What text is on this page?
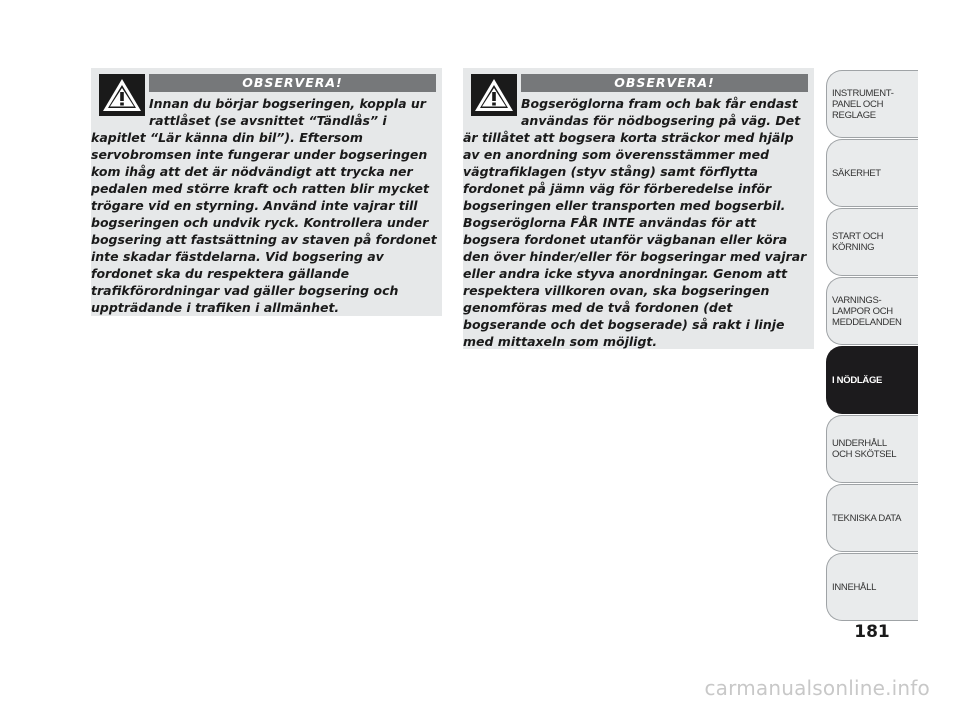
OBSERVERA!
Innan du börjar bogseringen, koppla ur
rattlåset (se avsnittet “Tändlås” i
kapitlet “Lär känna din bil”). Eftersom
servobromsen inte fungerar under bogseringen
kom ihåg att det är nödvändigt att trycka ner
pedalen med större kraft och ratten blir mycket
trögare vid en styrning. Använd inte vajrar till
bogseringen och undvik ryck. Kontrollera under
bogsering att fastsättning av staven på fordonet
inte skadar fästdelarna. Vid bogsering av
fordonet ska du respektera gällande
trafikförordningar vad gäller bogsering och
uppträdande i trafiken i allmänhet.
OBSERVERA!
Bogseröglorna fram och bak får endast
användas för nödbogsering på väg. Det
är tillåtet att bogsera korta sträckor med hjälp
av en anordning som överensstämmer med
vägtrafiklagen (styv stång) samt förflytta
fordonet på jämn väg för förberedelse inför
bogseringen eller transporten med bogserbil.
Bogseröglorna FÅR INTE användas för att
bogsera fordonet utanför vägbanan eller köra
den över hinder/eller för bogseringar med vajrar
eller andra icke styva anordningar. Genom att
respektera villkoren ovan, ska bogseringen
genomföras med de två fordonen (det
bogserande och det bogserade) så rakt i linje
med mittaxeln som möjligt.
INSTRUMENT-
PANEL OCH
REGLAGE
SÄKERHET
START OCH
KÖRNING
VARNINGS-
LAMPOR OCH
MEDDELANDEN
I NÖDLÄGE
UNDERHÅLL
OCH SKÖTSEL
TEKNISKA DATA
INNEHÅLL
181
carmanualsonline.info
